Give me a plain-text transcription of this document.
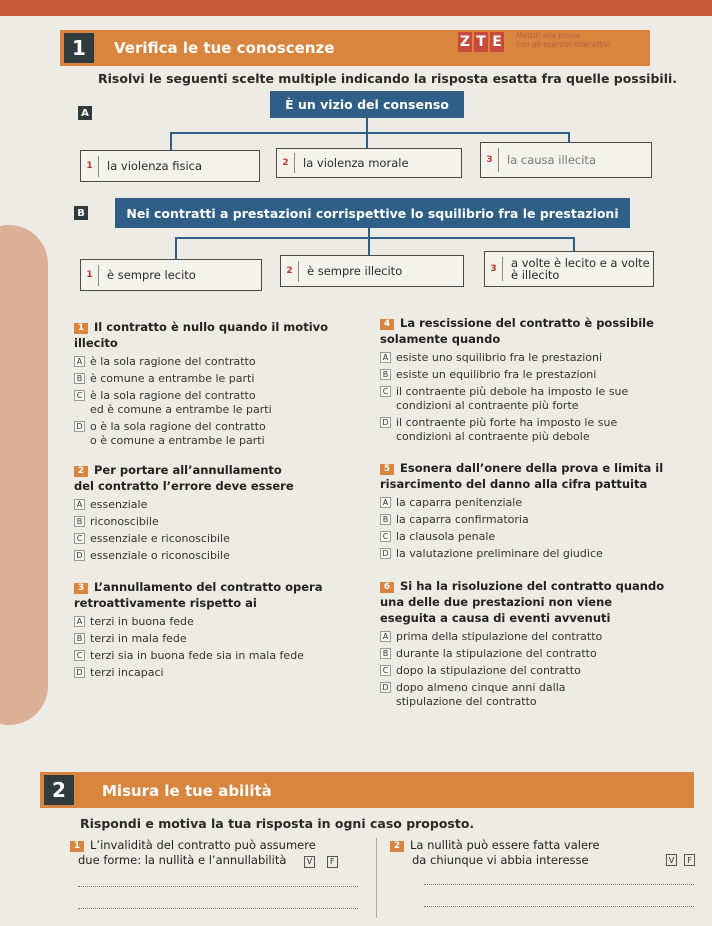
1	Verifica le tue conoscenze	Z T E Mettiti alla prova
con gli esercizi interattivi
Risolvi le seguenti scelte multiple indicando la risposta esatta fra quelle possibili.
A
È un vizio del consenso
1	la violenza fisica	2	la violenza morale	3	la causa illecita
B	Nei contratti a prestazioni corrispettive lo squilibrio fra le prestazioni
1	è sempre lecito	2	è sempre illecito	3	a volte è lecito e a volte
è illecito
1 Il contratto è nullo quando il motivo
illecito
A è la sola ragione del contratto
B è comune a entrambe le parti
C è la sola ragione del contratto
ed è comune a entrambe le parti
D o è la sola ragione del contratto
o è comune a entrambe le parti
4 La rescissione del contratto è possibile
solamente quando
A esiste uno squilibrio fra le prestazioni
B esiste un equilibrio fra le prestazioni
C il contraente più debole ha imposto le sue
condizioni al contraente più forte
D il contraente più forte ha imposto le sue
condizioni al contraente più debole
2 Per portare all’annullamento
del contratto l’errore deve essere
A essenziale
B riconoscibile
C essenziale e riconoscibile
D essenziale o riconoscibile
5 Esonera dall’onere della prova e limita il
risarcimento del danno alla cifra pattuita
A la caparra penitenziale
B la caparra confirmatoria
C la clausola penale
D la valutazione preliminare del giudice
3 L’annullamento del contratto opera
retroattivamente rispetto ai
A terzi in buona fede
B terzi in mala fede
C terzi sia in buona fede sia in mala fede
D terzi incapaci
6 Si ha la risoluzione del contratto quando
una delle due prestazioni non viene
eseguita a causa di eventi avvenuti
A prima della stipulazione del contratto
B durante la stipulazione del contratto
C dopo la stipulazione del contratto
D dopo almeno cinque anni dalla
stipulazione del contratto
2	Misura le tue abilità
Rispondi e motiva la tua risposta in ogni caso proposto.
1 L’invalidità del contratto può assumere
due forme: la nullità e l’annullabilità	V F
2 La nullità può essere fatta valere
da chiunque vi abbia interesse	V	F
